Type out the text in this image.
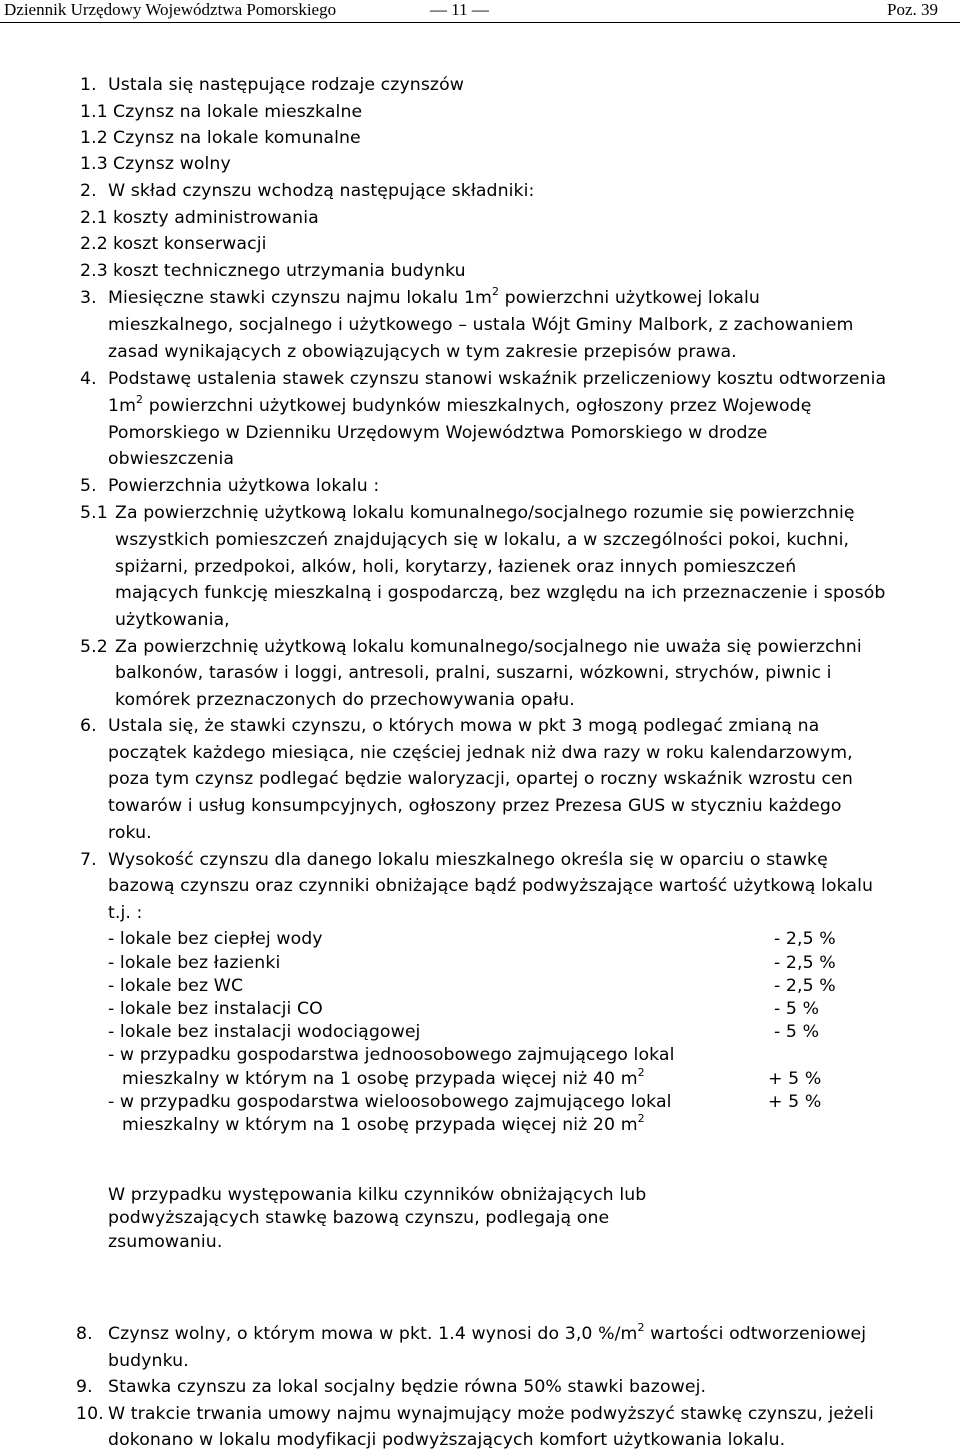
Dziennik Urzędowy Województwa Pomorskiego	— 11 —	Poz. 39
1. Ustala się następujące rodzaje czynszów
1.1 Czynsz na lokale mieszkalne
1.2 Czynsz na lokale komunalne
1.3 Czynsz wolny
2. W skład czynszu wchodzą następujące składniki:
2.1 koszty administrowania
2.2 koszt konserwacji
2.3 koszt technicznego utrzymania budynku
3. Miesięczne stawki czynszu najmu lokalu $1m^2$ powierzchni użytkowej lokalu
mieszkalnego, socjalnego i użytkowego – ustala Wójt Gminy Malbork, z zachowaniem
zasad wynikających z obowiązujących w tym zakresie przepisów prawa.
4. Podstawę ustalenia stawek czynszu stanowi wskaźnik przeliczeniowy kosztu odtworzenia
$1m^2$ powierzchni użytkowej budynków mieszkalnych, ogłoszony przez Wojewodę
Pomorskiego w Dzienniku Urzędowym Województwa Pomorskiego w drodze
obwieszczenia
5. Powierzchnia użytkowa lokalu :
5.1 Za powierzchnię użytkową lokalu komunalnego/socjalnego rozumie się powierzchnię
wszystkich pomieszczeń znajdujących się w lokalu, a w szczególności pokoi, kuchni,
spiżarni, przedpokoi, alków, holi, korytarzy, łazienek oraz innych pomieszczeń
mających funkcję mieszkalną i gospodarczą, bez względu na ich przeznaczenie i sposób
użytkowania,
5.2 Za powierzchnię użytkową lokalu komunalnego/socjalnego nie uważa się powierzchni
balkonów, tarasów i loggi, antresoli, pralni, suszarni, wózkowni, strychów, piwnic i
komórek przeznaczonych do przechowywania opału.
6. Ustala się, że stawki czynszu, o których mowa w pkt 3 mogą podlegać zmianą na
początek każdego miesiąca, nie częściej jednak niż dwa razy w roku kalendarzowym,
poza tym czynsz podlegać będzie waloryzacji, opartej o roczny wskaźnik wzrostu cen
towarów i usług konsumpcyjnych, ogłoszony przez Prezesa GUS w styczniu każdego
roku.
7. Wysokość czynszu dla danego lokalu mieszkalnego określa się w oparciu o stawkę
bazową czynszu oraz czynniki obniżające bądź podwyższające wartość użytkową lokalu
t.j. :
- lokale bez ciepłej wody	- 2,5 %
- lokale bez łazienki	- 2,5 %
- lokale bez WC	- 2,5 %
- lokale bez instalacji CO	- 5 %
- lokale bez instalacji wodociągowej	- 5 %
- w przypadku gospodarstwa jednoosobowego zajmującego lokal
mieszkalny w którym na 1 osobę przypada więcej niż 40 $m^2$	+ 5 %
- w przypadku gospodarstwa wieloosobowego zajmującego lokal	+ 5 %
mieszkalny w którym na 1 osobę przypada więcej niż 20 $m^2$
W przypadku występowania kilku czynników obniżających lub
podwyższających stawkę bazową czynszu, podlegają one
zsumowaniu.
8. Czynsz wolny, o którym mowa w pkt. 1.4 wynosi do 3,0 $\%/m^2$ wartości odtworzeniowej
budynku.
9. Stawka czynszu za lokal socjalny będzie równa 50% stawki bazowej.
10. W trakcie trwania umowy najmu wynajmujący może podwyższyć stawkę czynszu, jeżeli
dokonano w lokalu modyfikacji podwyższających komfort użytkowania lokalu.
